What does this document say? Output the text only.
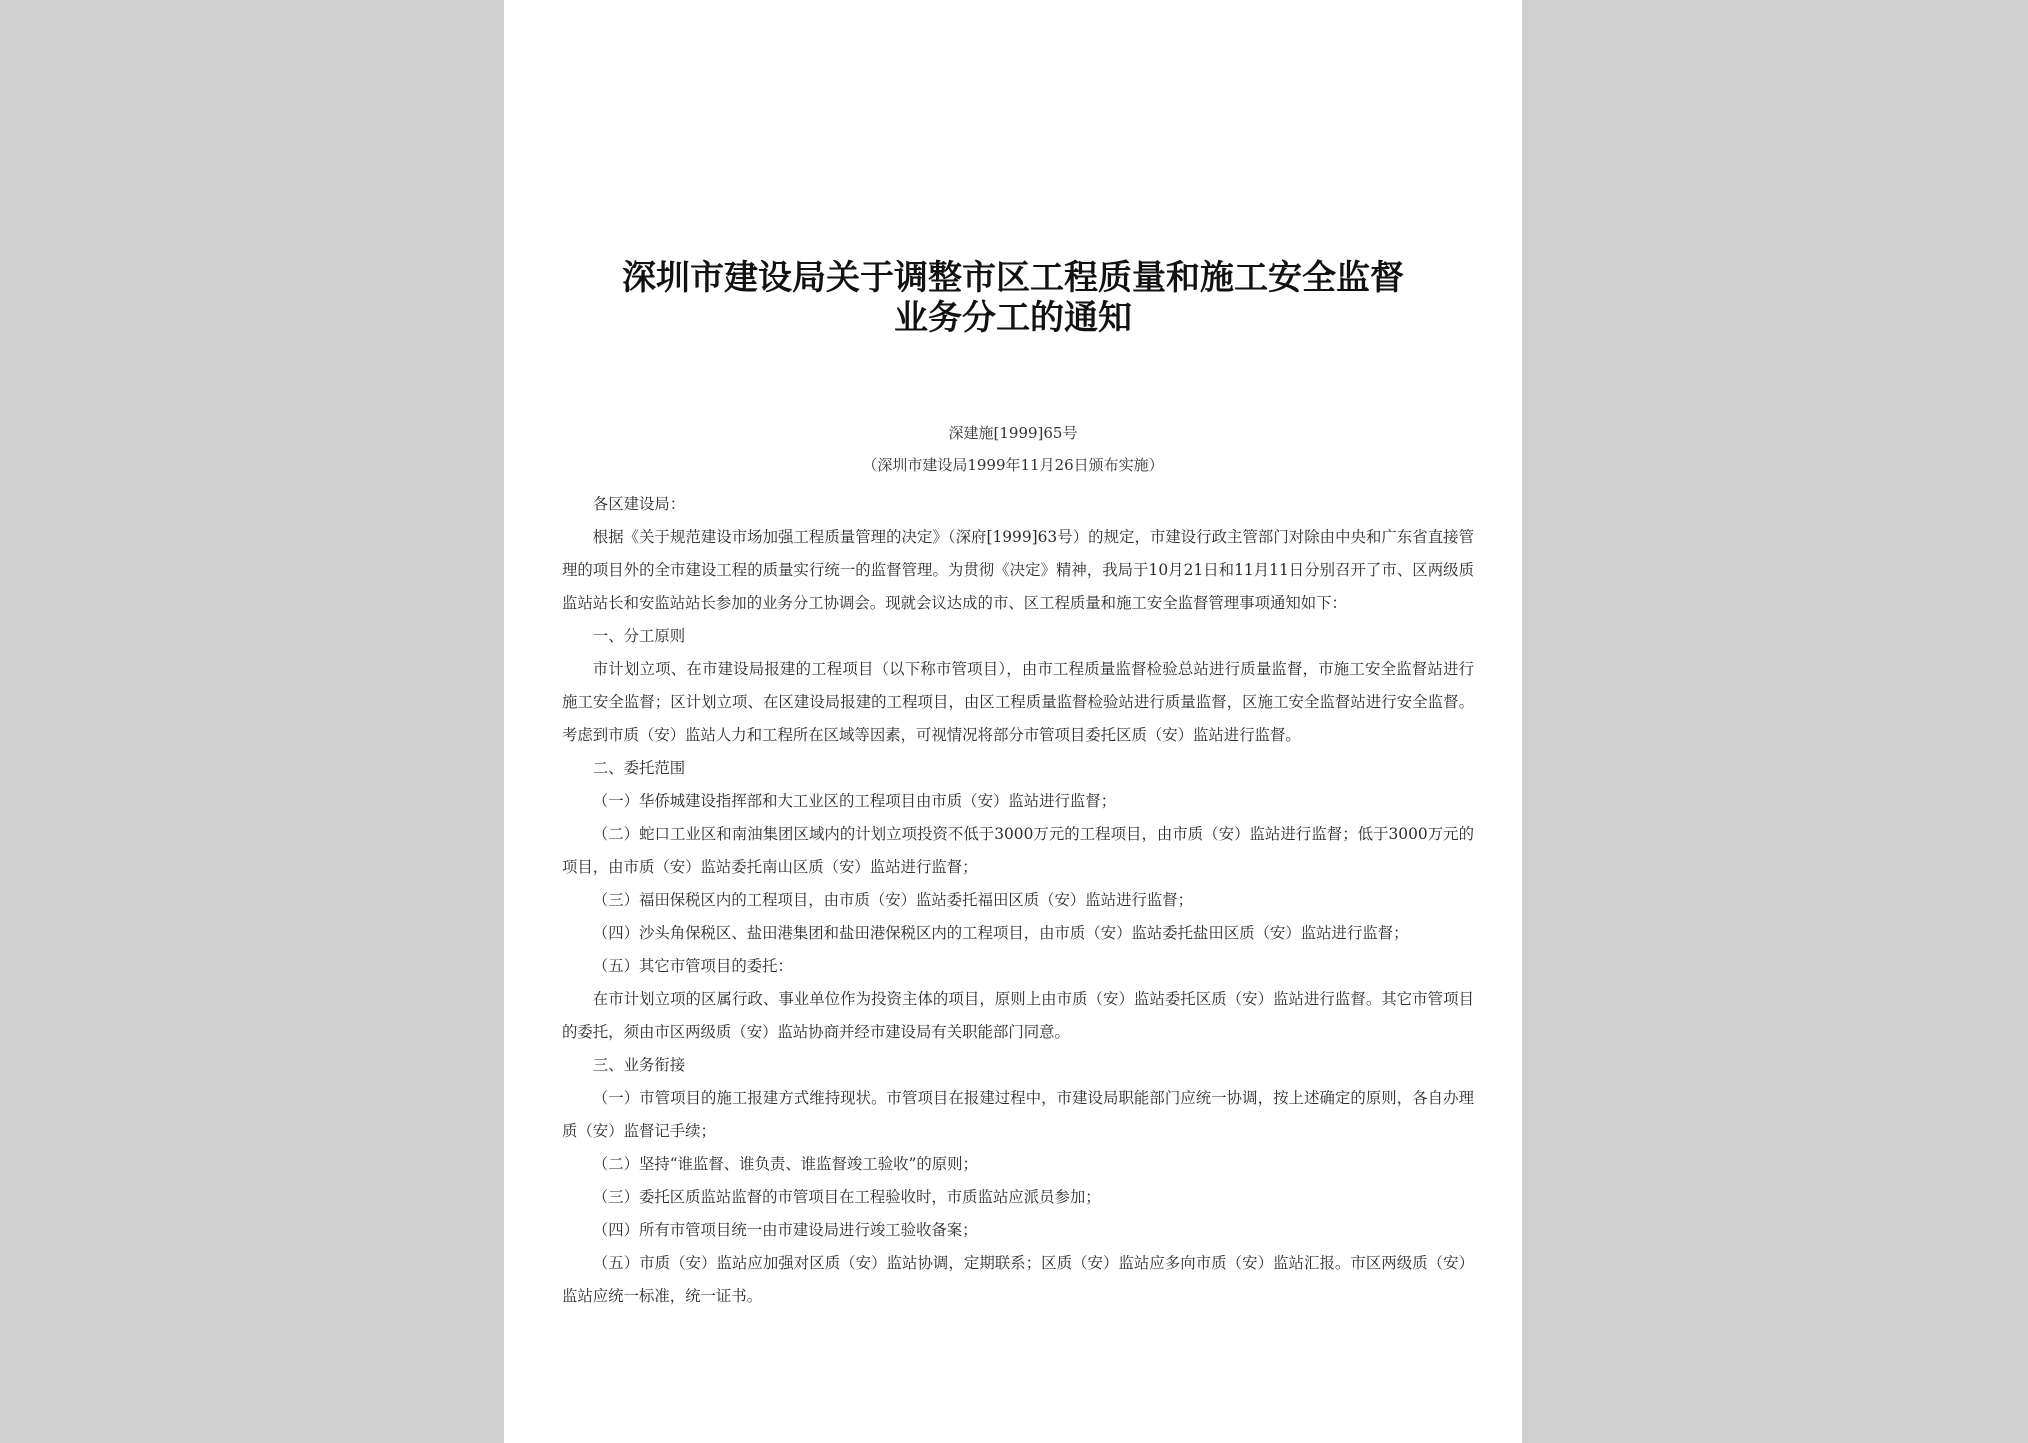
深圳市建设局关于调整市区工程质量和施工安全监督
业务分工的通知
深建施[1999]65号
（深圳市建设局1999年11月26日颁布实施）

各区建设局：

根据《关于规范建设市场加强工程质量管理的决定》（深府[1999]63号）的规定，市建设行政主管部门对除由中央和广东省直接管理的项目外的全市建设工程的质量实行统一的监督管理。为贯彻《决定》精神，我局于10月21日和11月11日分别召开了市、区两级质监站站长和安监站站长参加的业务分工协调会。现就会议达成的市、区工程质量和施工安全监督管理事项通知如下：

一、分工原则

市计划立项、在市建设局报建的工程项目（以下称市管项目），由市工程质量监督检验总站进行质量监督，市施工安全监督站进行施工安全监督；区计划立项、在区建设局报建的工程项目，由区工程质量监督检验站进行质量监督，区施工安全监督站进行安全监督。考虑到市质（安）监站人力和工程所在区域等因素，可视情况将部分市管项目委托区质（安）监站进行监督。

二、委托范围

（一）华侨城建设指挥部和大工业区的工程项目由市质（安）监站进行监督；

（二）蛇口工业区和南油集团区域内的计划立项投资不低于3000万元的工程项目，由市质（安）监站进行监督；低于3000万元的项目，由市质（安）监站委托南山区质（安）监站进行监督；

（三）福田保税区内的工程项目，由市质（安）监站委托福田区质（安）监站进行监督；

（四）沙头角保税区、盐田港集团和盐田港保税区内的工程项目，由市质（安）监站委托盐田区质（安）监站进行监督；

（五）其它市管项目的委托：

在市计划立项的区属行政、事业单位作为投资主体的项目，原则上由市质（安）监站委托区质（安）监站进行监督。其它市管项目的委托，须由市区两级质（安）监站协商并经市建设局有关职能部门同意。

三、业务衔接

（一）市管项目的施工报建方式维持现状。市管项目在报建过程中，市建设局职能部门应统一协调，按上述确定的原则，各自办理质（安）监督记手续；

（二）坚持“谁监督、谁负责、谁监督竣工验收”的原则；

（三）委托区质监站监督的市管项目在工程验收时，市质监站应派员参加；

（四）所有市管项目统一由市建设局进行竣工验收备案；

（五）市质（安）监站应加强对区质（安）监站协调，定期联系；区质（安）监站应多向市质（安）监站汇报。市区两级质（安）监站应统一标准，统一证书。
